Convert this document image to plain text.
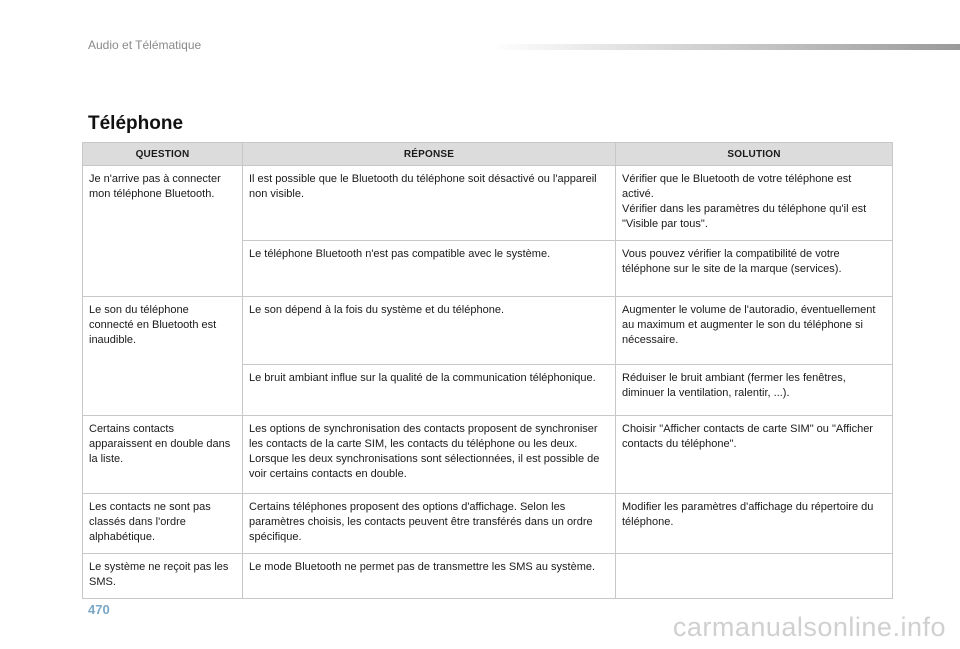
Audio et Télématique
Téléphone
QUESTION	RÉPONSE	SOLUTION
Je n'arrive pas à connecter mon téléphone Bluetooth.	Il est possible que le Bluetooth du téléphone soit désactivé ou l'appareil non visible.	Vérifier que le Bluetooth de votre téléphone est activé.
Vérifier dans les paramètres du téléphone qu'il est "Visible par tous".
	Le téléphone Bluetooth n'est pas compatible avec le système.	Vous pouvez vérifier la compatibilité de votre téléphone sur le site de la marque (services).
Le son du téléphone connecté en Bluetooth est inaudible.	Le son dépend à la fois du système et du téléphone.	Augmenter le volume de l'autoradio, éventuellement au maximum et augmenter le son du téléphone si nécessaire.
	Le bruit ambiant influe sur la qualité de la communication téléphonique.	Réduiser le bruit ambiant (fermer les fenêtres, diminuer la ventilation, ralentir, ...).
Certains contacts apparaissent en double dans la liste.	Les options de synchronisation des contacts proposent de synchroniser les contacts de la carte SIM, les contacts du téléphone ou les deux. Lorsque les deux synchronisations sont sélectionnées, il est possible de voir certains contacts en double.	Choisir "Afficher contacts de carte SIM" ou "Afficher contacts du téléphone".
Les contacts ne sont pas classés dans l'ordre alphabétique.	Certains téléphones proposent des options d'affichage. Selon les paramètres choisis, les contacts peuvent être transférés dans un ordre spécifique.	Modifier les paramètres d'affichage du répertoire du téléphone.
Le système ne reçoit pas les SMS.	Le mode Bluetooth ne permet pas de transmettre les SMS au système.	
470
carmanualsonline.info
